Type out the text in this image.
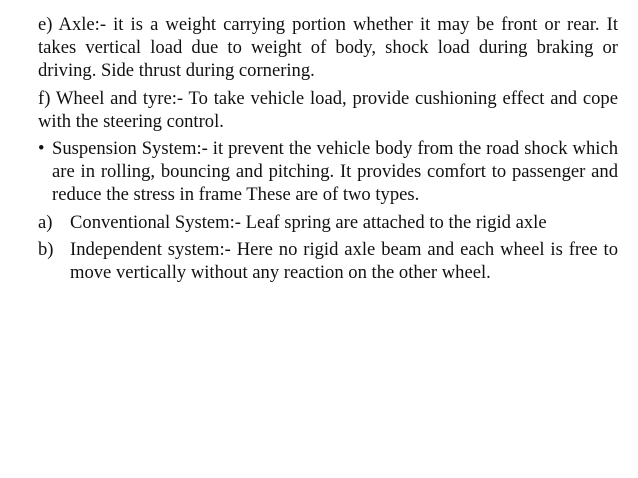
e) Axle:- it is a weight carrying portion whether it may be front or rear. It takes vertical load due to weight of body, shock load during braking or driving. Side thrust during cornering.

f) Wheel and tyre:- To take vehicle load, provide cushioning effect and cope with the steering control.

• Suspension System:- it prevent the vehicle body from the road shock which are in rolling, bouncing and pitching. It provides comfort to passenger and reduce the stress in frame These are of two types.
a) Conventional System:- Leaf spring are attached to the rigid axle
b) Independent system:- Here no rigid axle beam and each wheel is free to move vertically without any reaction on the other wheel.
